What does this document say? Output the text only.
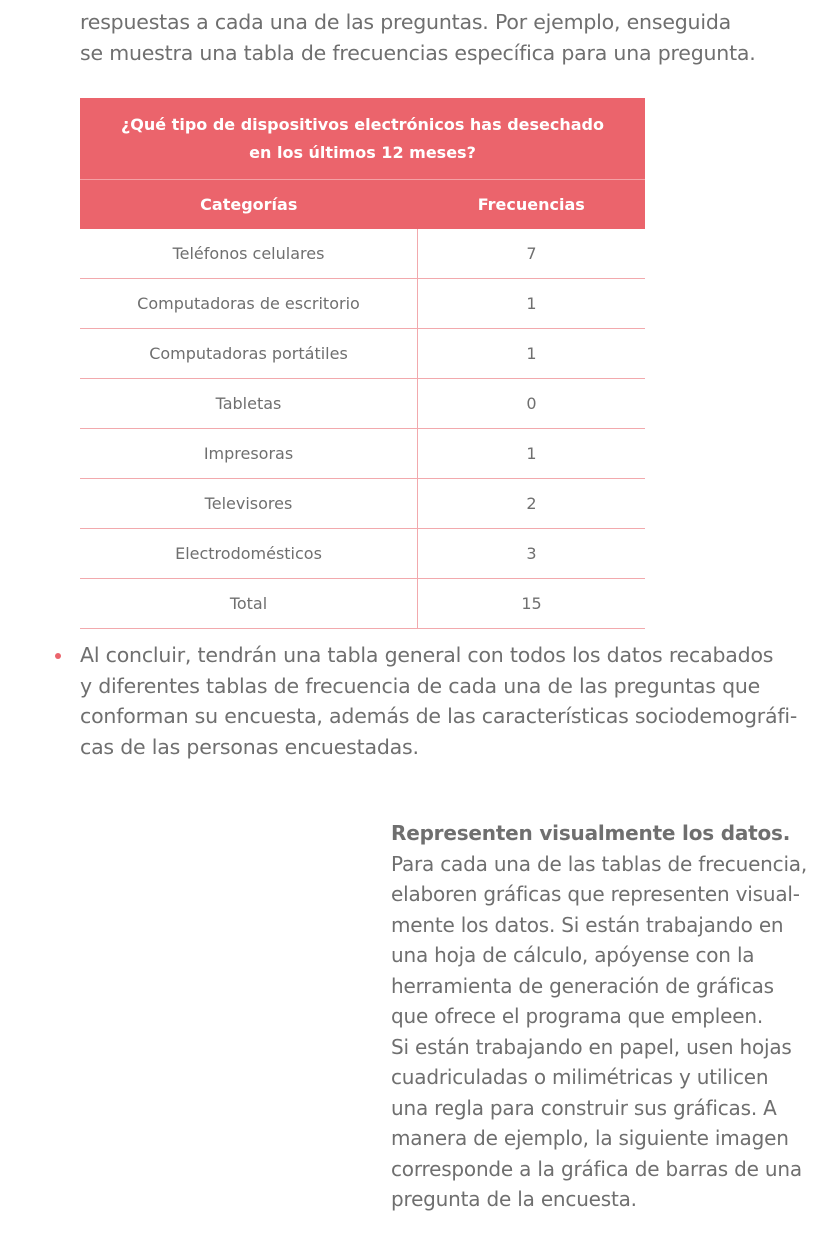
respuestas a cada una de las preguntas. Por ejemplo, enseguida
se muestra una tabla de frecuencias específica para una pregunta.
¿Qué tipo de dispositivos electrónicos has desechado
en los últimos 12 meses?	

Categorías	Frecuencias
Teléfonos celulares	7
Computadoras de escritorio	1
Computadoras portátiles	1
Tabletas	0
Impresoras	1
Televisores	2
Electrodomésticos	3
Total	15
Al concluir, tendrán una tabla general con todos los datos recabados
y diferentes tablas de frecuencia de cada una de las preguntas que
conforman su encuesta, además de las características sociodemográfi-
cas de las personas encuestadas.
Representen visualmente los datos.
Para cada una de las tablas de frecuencia,
elaboren gráficas que representen visual-
mente los datos. Si están trabajando en
una hoja de cálculo, apóyense con la
herramienta de generación de gráficas
que ofrece el programa que empleen.
Si están trabajando en papel, usen hojas
cuadriculadas o milimétricas y utilicen
una regla para construir sus gráficas. A
manera de ejemplo, la siguiente imagen
corresponde a la gráfica de barras de una
pregunta de la encuesta.
